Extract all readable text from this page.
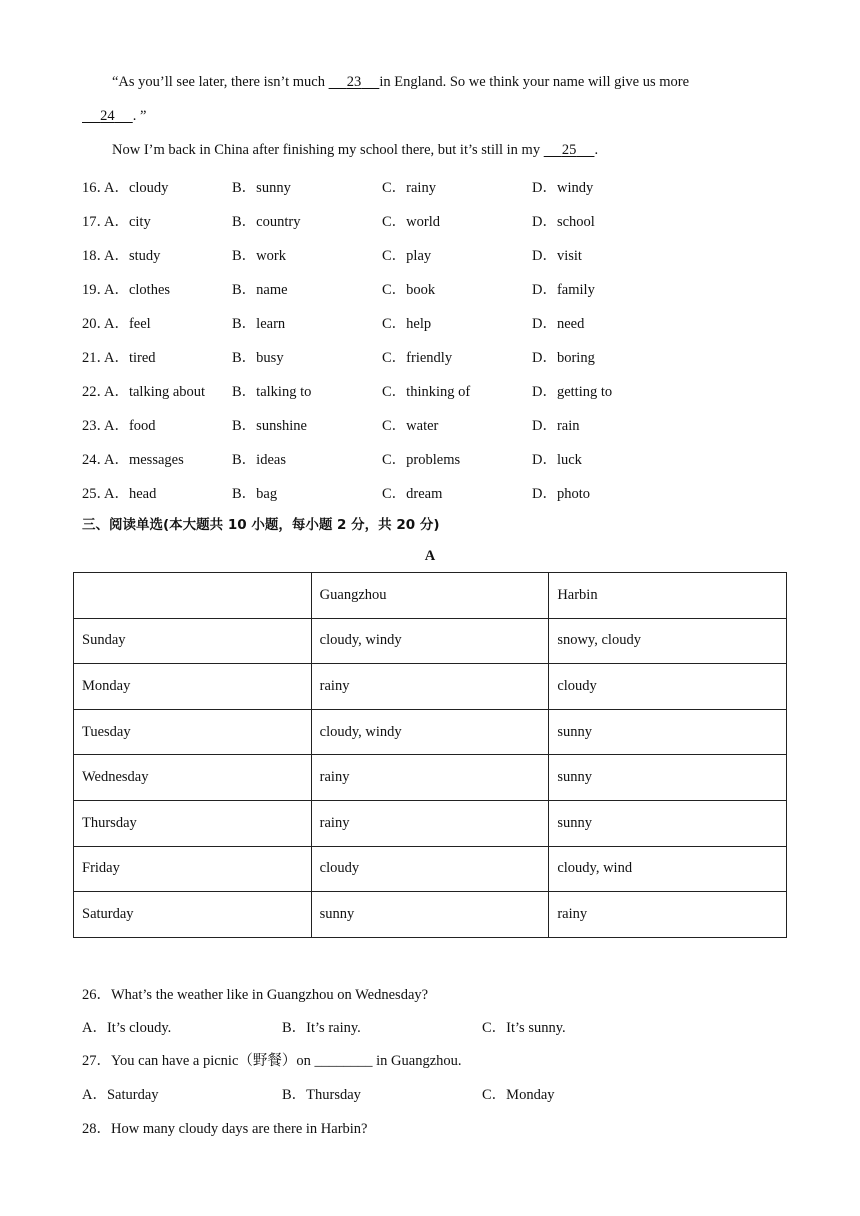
“As you’ll see later, there isn’t much 23 in England. So we think your name will give us more
24 . ”
Now I’m back in China after finishing my school there, but it’s still in my 25 .
16．
A．cloudy	B．sunny	C．rainy	D．windy
17．
A．city	B．country	C．world	D．school
18．
A．study	B．work	C．play	D．visit
19．
A．clothes	B．name	C．book	D．family
20．
A．feel	B．learn	C．help	D．need
21．
A．tired	B．busy	C．friendly	D．boring
22．
A．talking about B．talking to	C．thinking of	D．getting to
23．
A．food	B．sunshine	C．water	D．rain
24．
A．messages	B．ideas	C．problems	D．luck
25．
A．head	B．bag	C．dream	D．photo
三、阅读单选(本大题共 10 小题，每小题 2 分，共 20 分)
A
	Guangzhou	Harbin
Sunday	cloudy, windy	snowy, cloudy
Monday	rainy	cloudy
Tuesday	cloudy, windy	sunny
Wednesday	rainy	sunny
Thursday	rainy	sunny
Friday	cloudy	cloudy, wind
Saturday	sunny	rainy
26．What’s the weather like in Guangzhou on Wednesday?
A．It’s cloudy.	B．It’s rainy.	C．It’s sunny.
27．You can have a picnic（野餐）on ________ in Guangzhou.
A．Saturday	B．Thursday	C．Monday
28．How many cloudy days are there in Harbin?
